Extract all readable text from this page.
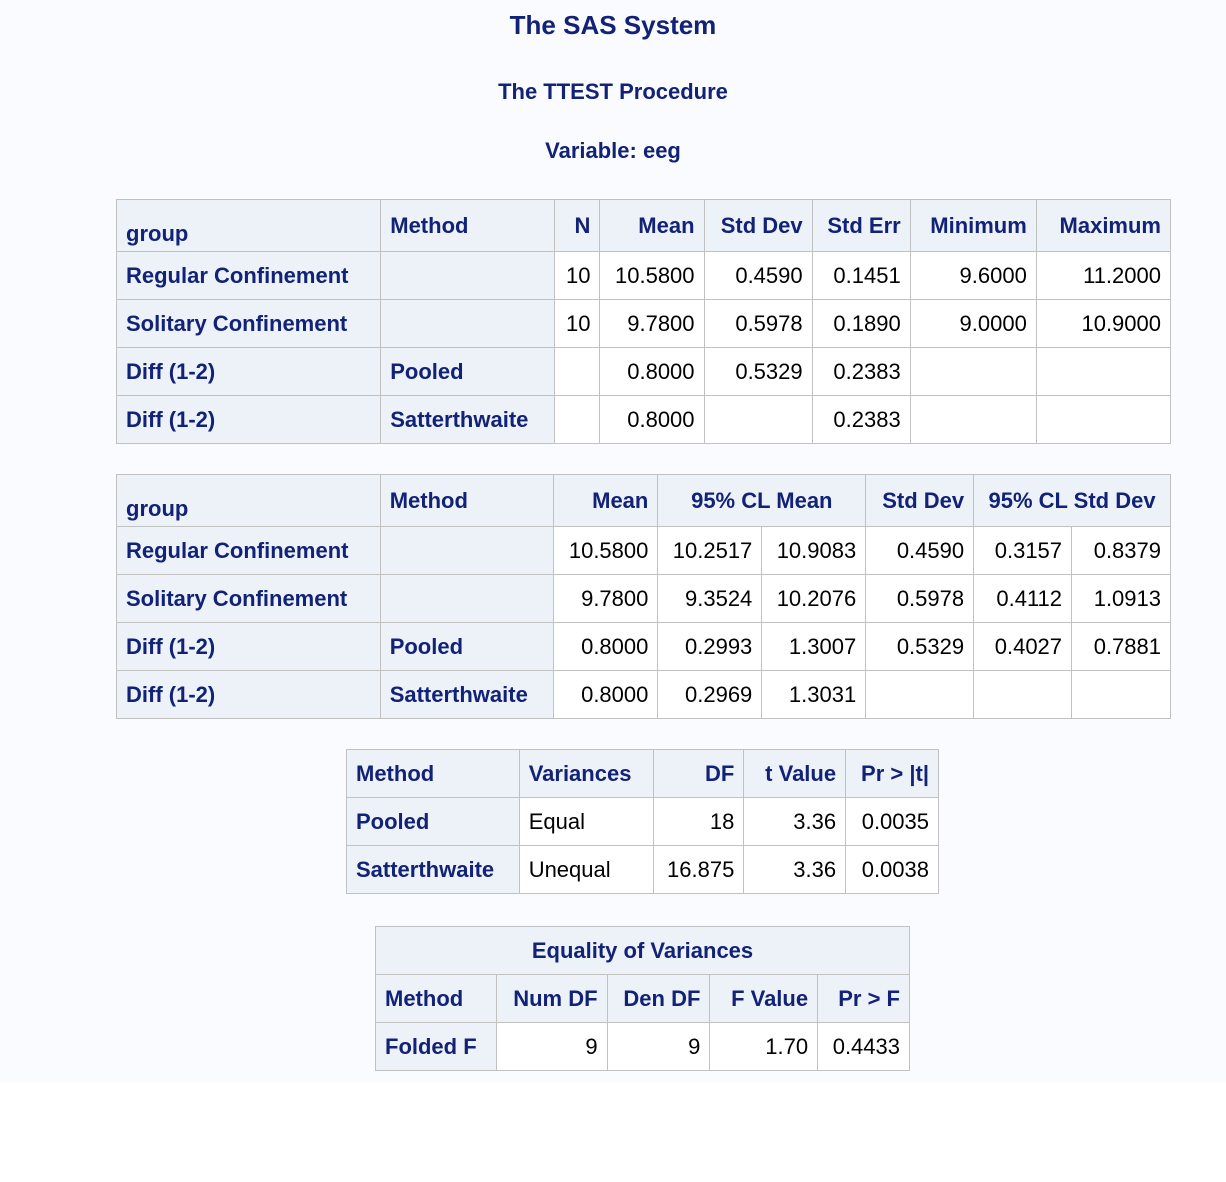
The SAS System
The TTEST Procedure
Variable: eeg
group	Method	N	Mean	Std Dev	Std Err	Minimum	Maximum
Regular Confinement		10	10.5800	0.4590	0.1451	9.6000	11.2000
Solitary Confinement		10	9.7800	0.5978	0.1890	9.0000	10.9000
Diff (1-2)	Pooled		0.8000	0.5329	0.2383		
Diff (1-2)	Satterthwaite		0.8000		0.2383		
group	Method	Mean	95% CL Mean		Std Dev	95% CL Std Dev	
Regular Confinement		10.5800	10.2517	10.9083	0.4590	0.3157	0.8379
Solitary Confinement		9.7800	9.3524	10.2076	0.5978	0.4112	1.0913
Diff (1-2)	Pooled	0.8000	0.2993	1.3007	0.5329	0.4027	0.7881
Diff (1-2)	Satterthwaite	0.8000	0.2969	1.3031			
Method	Variances	DF	t Value	Pr > |t|
Pooled	Equal	18	3.36	0.0035
Satterthwaite	Unequal	16.875	3.36	0.0038
Equality of Variances				
Method	Num DF	Den DF	F Value	Pr > F
Folded F	9	9	1.70	0.4433
